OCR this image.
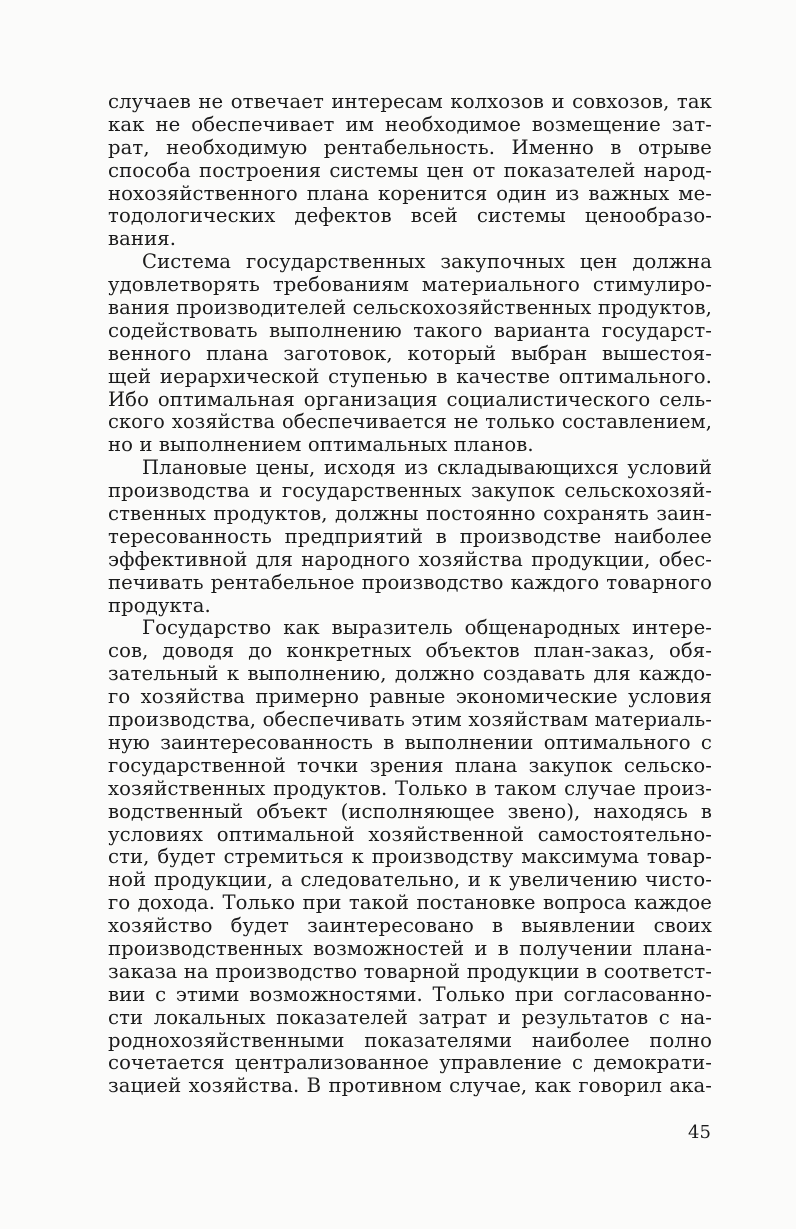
случаев не отвечает интересам колхозов и совхозов, так
как не обеспечивает им необходимое возмещение зат-
рат, необходимую рентабельность. Именно в отрыве
способа построения системы цен от показателей народ-
нохозяйственного плана коренится один из важных ме-
тодологических дефектов всей системы ценообразо-
вания.
Система государственных закупочных цен должна
удовлетворять требованиям материального стимулиро-
вания производителей сельскохозяйственных продуктов,
содействовать выполнению такого варианта государст-
венного плана заготовок, который выбран вышестоя-
щей иерархической ступенью в качестве оптимального.
Ибо оптимальная организация социалистического сель-
ского хозяйства обеспечивается не только составлением,
но и выполнением оптимальных планов.
Плановые цены, исходя из складывающихся условий
производства и государственных закупок сельскохозяй-
ственных продуктов, должны постоянно сохранять заин-
тересованность предприятий в производстве наиболее
эффективной для народного хозяйства продукции, обес-
печивать рентабельное производство каждого товарного
продукта.
Государство как выразитель общенародных интере-
сов, доводя до конкретных объектов план-заказ, обя-
зательный к выполнению, должно создавать для каждо-
го хозяйства примерно равные экономические условия
производства, обеспечивать этим хозяйствам материаль-
ную заинтересованность в выполнении оптимального с
государственной точки зрения плана закупок сельско-
хозяйственных продуктов. Только в таком случае произ-
водственный объект (исполняющее звено), находясь в
условиях оптимальной хозяйственной самостоятельно-
сти, будет стремиться к производству максимума товар-
ной продукции, а следовательно, и к увеличению чисто-
го дохода. Только при такой постановке вопроса каждое
хозяйство будет заинтересовано в выявлении своих
производственных возможностей и в получении плана-
заказа на производство товарной продукции в соответст-
вии с этими возможностями. Только при согласованно-
сти локальных показателей затрат и результатов с на-
роднохозяйственными показателями наиболее полно
сочетается централизованное управление с демократи-
зацией хозяйства. В противном случае, как говорил ака-
45
